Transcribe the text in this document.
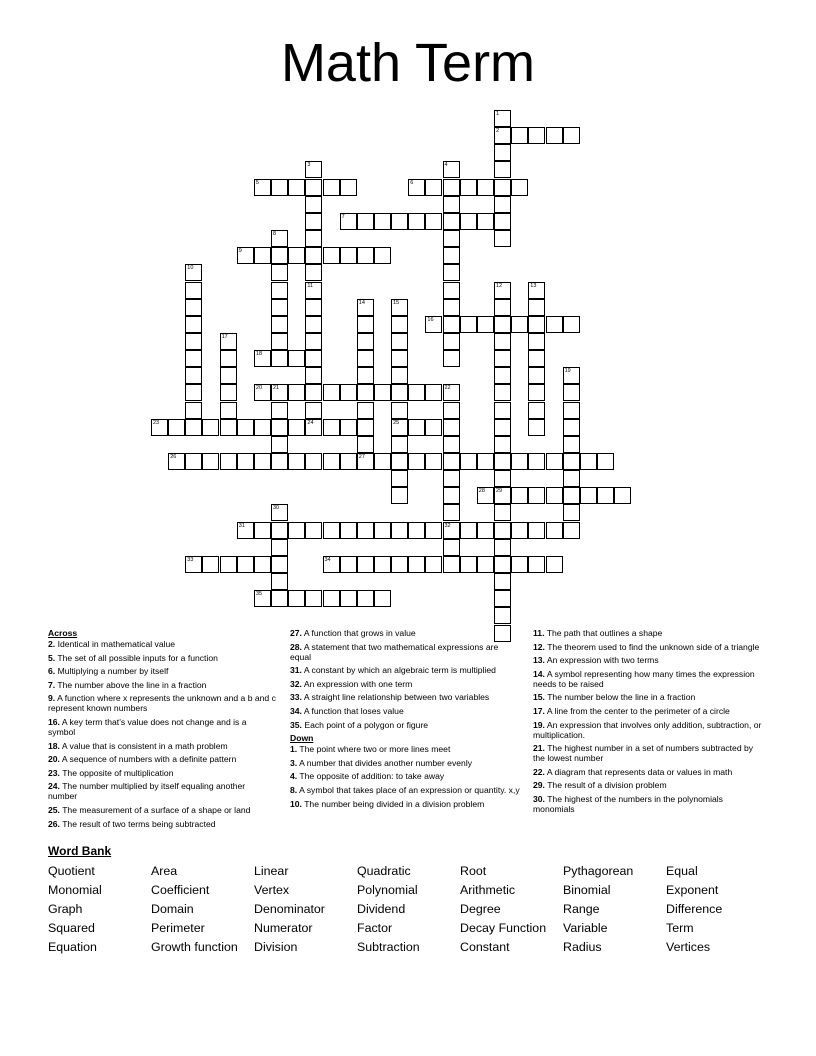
Math Term
1
2
3
11
4
5	6
7
8
9
10
12
29
13
14
27
15
25
16
17
18
19
20 21	22
32
23	24
26
28
30
31
33	34
35
Across
2. Identical in mathematical value
5. The set of all possible inputs for a function
6. Multiplying a number by itself
7. The number above the line in a fraction
9. A function where x represents the unknown and a b and c represent known numbers
16. A key term that's value does not change and is a symbol
18. A value that is consistent in a math problem
20. A sequence of numbers with a definite pattern
23. The opposite of multiplication
24. The number multiplied by itself equaling another number
25. The measurement of a surface of a shape or land
26. The result of two terms being subtracted
27. A function that grows in value
28. A statement that two mathematical expressions are equal
31. A constant by which an algebraic term is multiplied
32. An expression with one term
33. A straight line relationship between two variables
34. A function that loses value
35. Each point of a polygon or figure
Down
1. The point where two or more lines meet
3. A number that divides another number evenly
4. The opposite of addition: to take away
8. A symbol that takes place of an expression or quantity. x,y
10. The number being divided in a division problem
11. The path that outlines a shape
12. The theorem used to find the unknown side of a triangle
13. An expression with two terms
14. A symbol representing how many times the expression needs to be raised
15. The number below the line in a fraction
17. A line from the center to the perimeter of a circle
19. An expression that involves only addition, subtraction, or multiplication.
21. The highest number in a set of numbers subtracted by the lowest number
22. A diagram that represents data or values in math
29. The result of a division problem
30. The highest of the numbers in the polynomials monomials
Word Bank
Quotient	Area	Linear	Quadratic	Root	Pythagorean	Equal
Monomial	Coefficient	Vertex	Polynomial	Arithmetic	Binomial	Exponent
Graph	Domain	Denominator	Dividend	Degree	Range	Difference
Squared	Perimeter	Numerator	Factor	Decay Function	Variable	Term
Equation	Growth function	Division	Subtraction	Constant	Radius	Vertices
